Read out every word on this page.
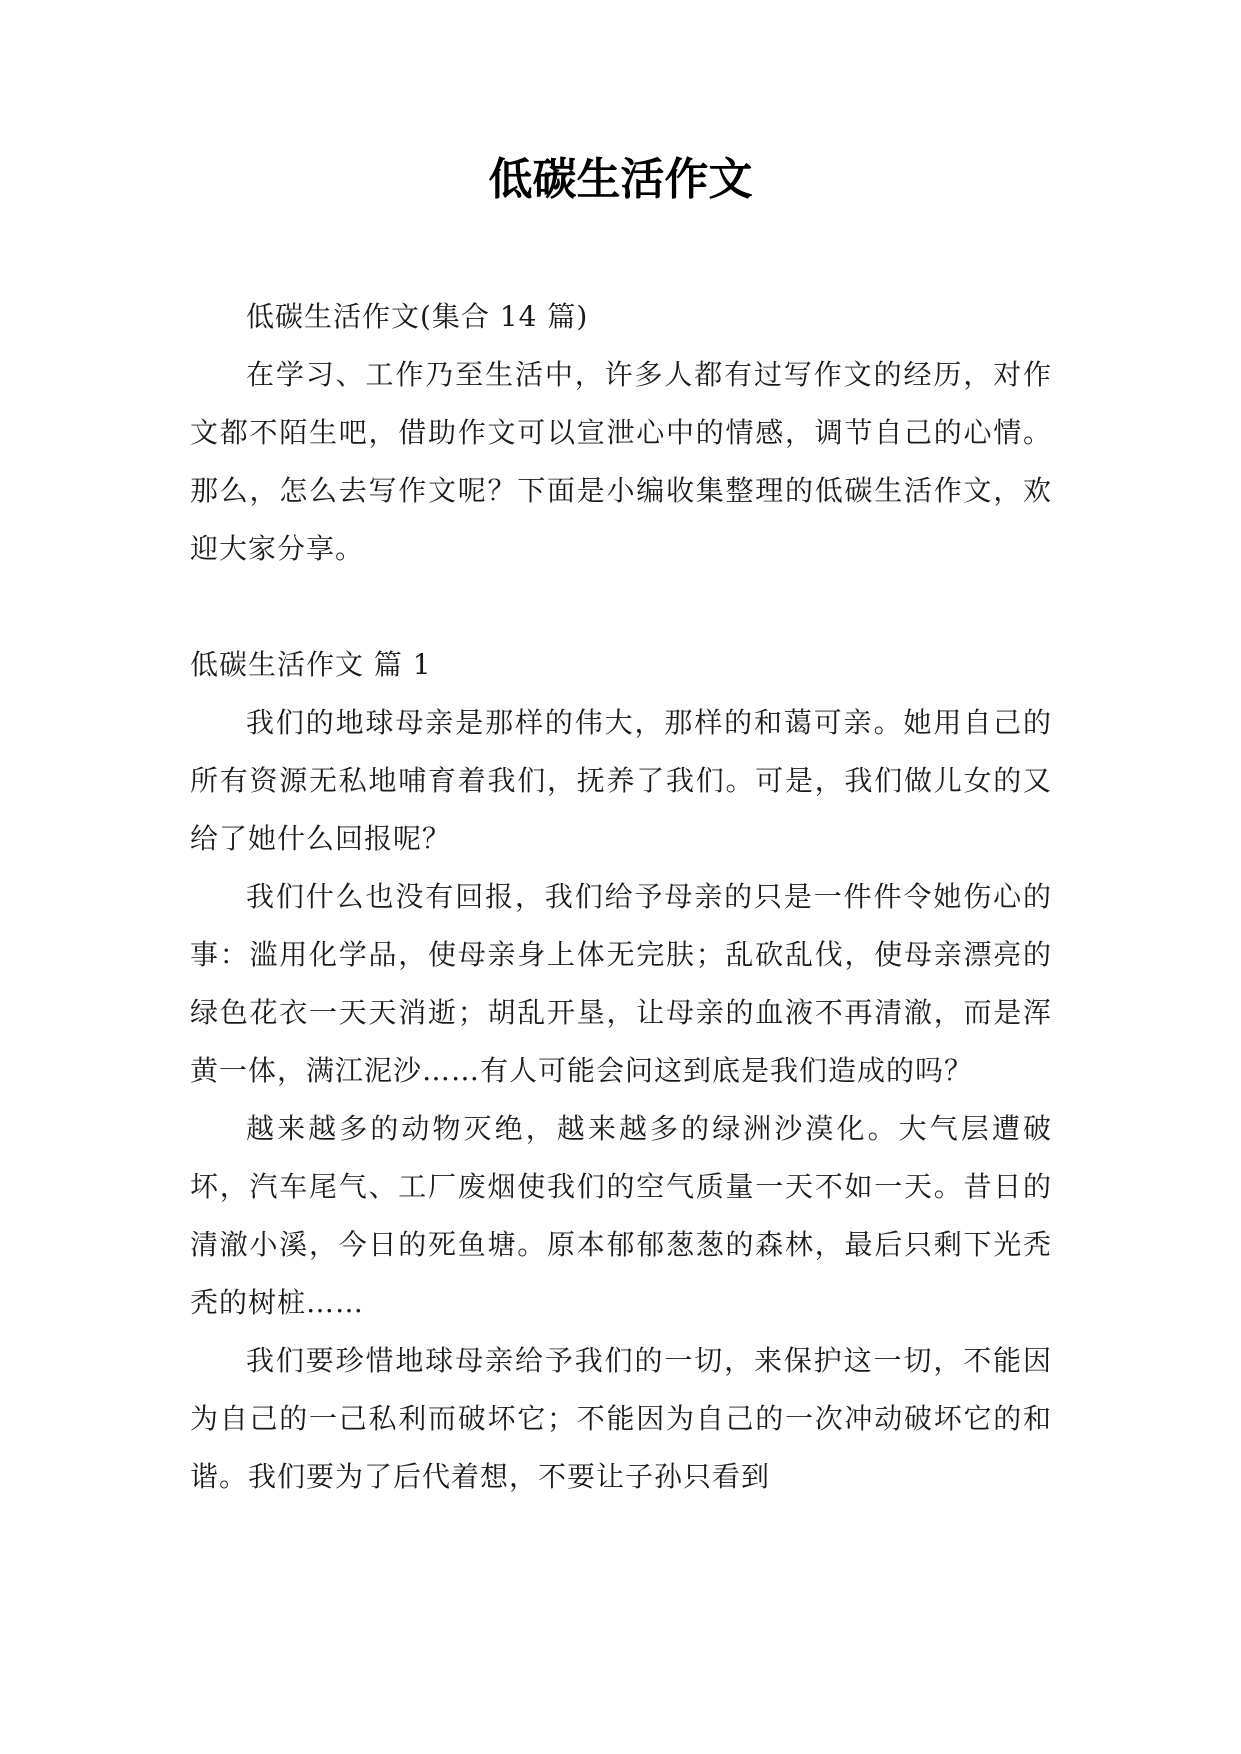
低碳生活作文

低碳生活作文(集合 14 篇)

在学习、工作乃至生活中，许多人都有过写作文的经历，对作文都不陌生吧，借助作文可以宣泄心中的情感，调节自己的心情。那么，怎么去写作文呢？下面是小编收集整理的低碳生活作文，欢迎大家分享。

低碳生活作文 篇 1

我们的地球母亲是那样的伟大，那样的和蔼可亲。她用自己的所有资源无私地哺育着我们，抚养了我们。可是，我们做儿女的又给了她什么回报呢？

我们什么也没有回报，我们给予母亲的只是一件件令她伤心的事：滥用化学品，使母亲身上体无完肤；乱砍乱伐，使母亲漂亮的绿色花衣一天天消逝；胡乱开垦，让母亲的血液不再清澈，而是浑黄一体，满江泥沙……有人可能会问这到底是我们造成的吗？

越来越多的动物灭绝，越来越多的绿洲沙漠化。大气层遭破坏，汽车尾气、工厂废烟使我们的空气质量一天不如一天。昔日的清澈小溪，今日的死鱼塘。原本郁郁葱葱的森林，最后只剩下光秃秃的树桩……

我们要珍惜地球母亲给予我们的一切，来保护这一切，不能因为自己的一己私利而破坏它；不能因为自己的一次冲动破坏它的和谐。我们要为了后代着想，不要让子孙只看到
